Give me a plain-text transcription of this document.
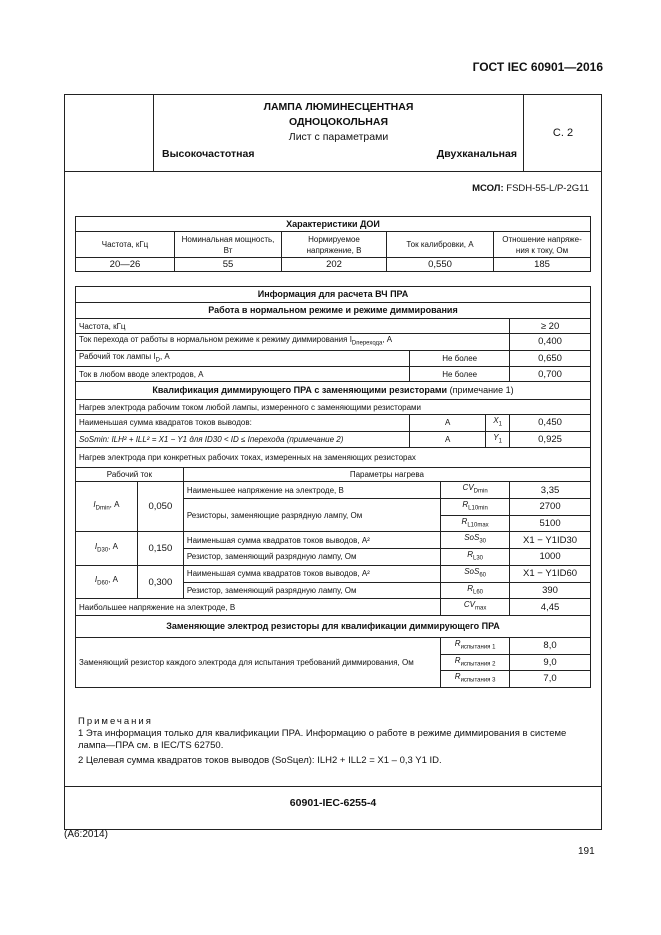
ГОСТ IEC 60901—2016
ЛАМПА ЛЮМИНЕСЦЕНТНАЯ
ОДНОЦОКОЛЬНАЯ
Лист с параметрами
Высокочастотная	Двухканальная
С. 2
МСОЛ: FSDH-55-L/P-2G11
Характеристики ДОИ				
Частота, кГц	Номинальная мощность, Вт	Нормируемое напряжение, В	Ток калибровки, А	Отношение напряже-ния к току, Ом
20—26	55	202	0,550	185
Информация для расчета ВЧ ПРА						
Работа в нормальном режиме и режиме диммирования						
Частота, кГц						≥ 20
Ток перехода от работы в нормальном режиме к режиму диммирования $I_{Dперехода}$, А						0,400
Рабочий ток лампы $I_D$, А			Не более			0,650
Ток в любом вводе электродов, А			Не более			0,700
Квалификация диммирующего ПРА с заменяющими резисторами (примечание 1)						
Нагрев электрода рабочим током любой лампы, измеренного с заменяющими резисторами						
Наименьшая сумма квадратов токов выводов:			А		$X_1$	0,450
SoSmin: ILH² + ILL² = X1 − Y1 для ID30 < ID ≤ Iперехода (примечание 2)			А		$Y_1$	0,925
Нагрев электрода при конкретных рабочих токах, измеренных на заменяющих резисторах						
Рабочий ток		Параметры нагрева				
$I_{Dmin}$, А	0,050	Наименьшее напряжение на электроде, В		$CV_{Dmin}$		3,35
		Резисторы, заменяющие разрядную лампу, Ом		$R_{L10min}$		2700
				$R_{L10max}$		5100
$I_{D30}$, А	0,150	Наименьшая сумма квадратов токов выводов, А²		SoS$_{30}$		X1 − Y1ID30
		Резистор, заменяющий разрядную лампу, Ом		$R_{L30}$		1000
$I_{D60}$, А	0,300	Наименьшая сумма квадратов токов выводов, А²		SoS$_{60}$		X1 − Y1ID60
		Резистор, заменяющий разрядную лампу, Ом		$R_{L60}$		390
Наибольшее напряжение на электроде, В				$CV_{max}$		4,45
Заменяющие электрод резисторы для квалификации диммирующего ПРА						
Заменяющий резистор каждого электрода для испытания требований диммирования, Ом				$R_{испытания 1}$		8,0
				$R_{испытания 2}$		9,0
				$R_{испытания 3}$		7,0
Примечания
1 Эта информация только для квалификации ПРА. Информацию о работе в режиме диммирования в системе лампа—ПРА см. в IEC/TS 62750.
2 Целевая сумма квадратов токов выводов (SoSцел): ILH2 + ILL2 = X1 – 0,3 Y1 ID.
60901-IEC-6255-4
(A6:2014)
191
